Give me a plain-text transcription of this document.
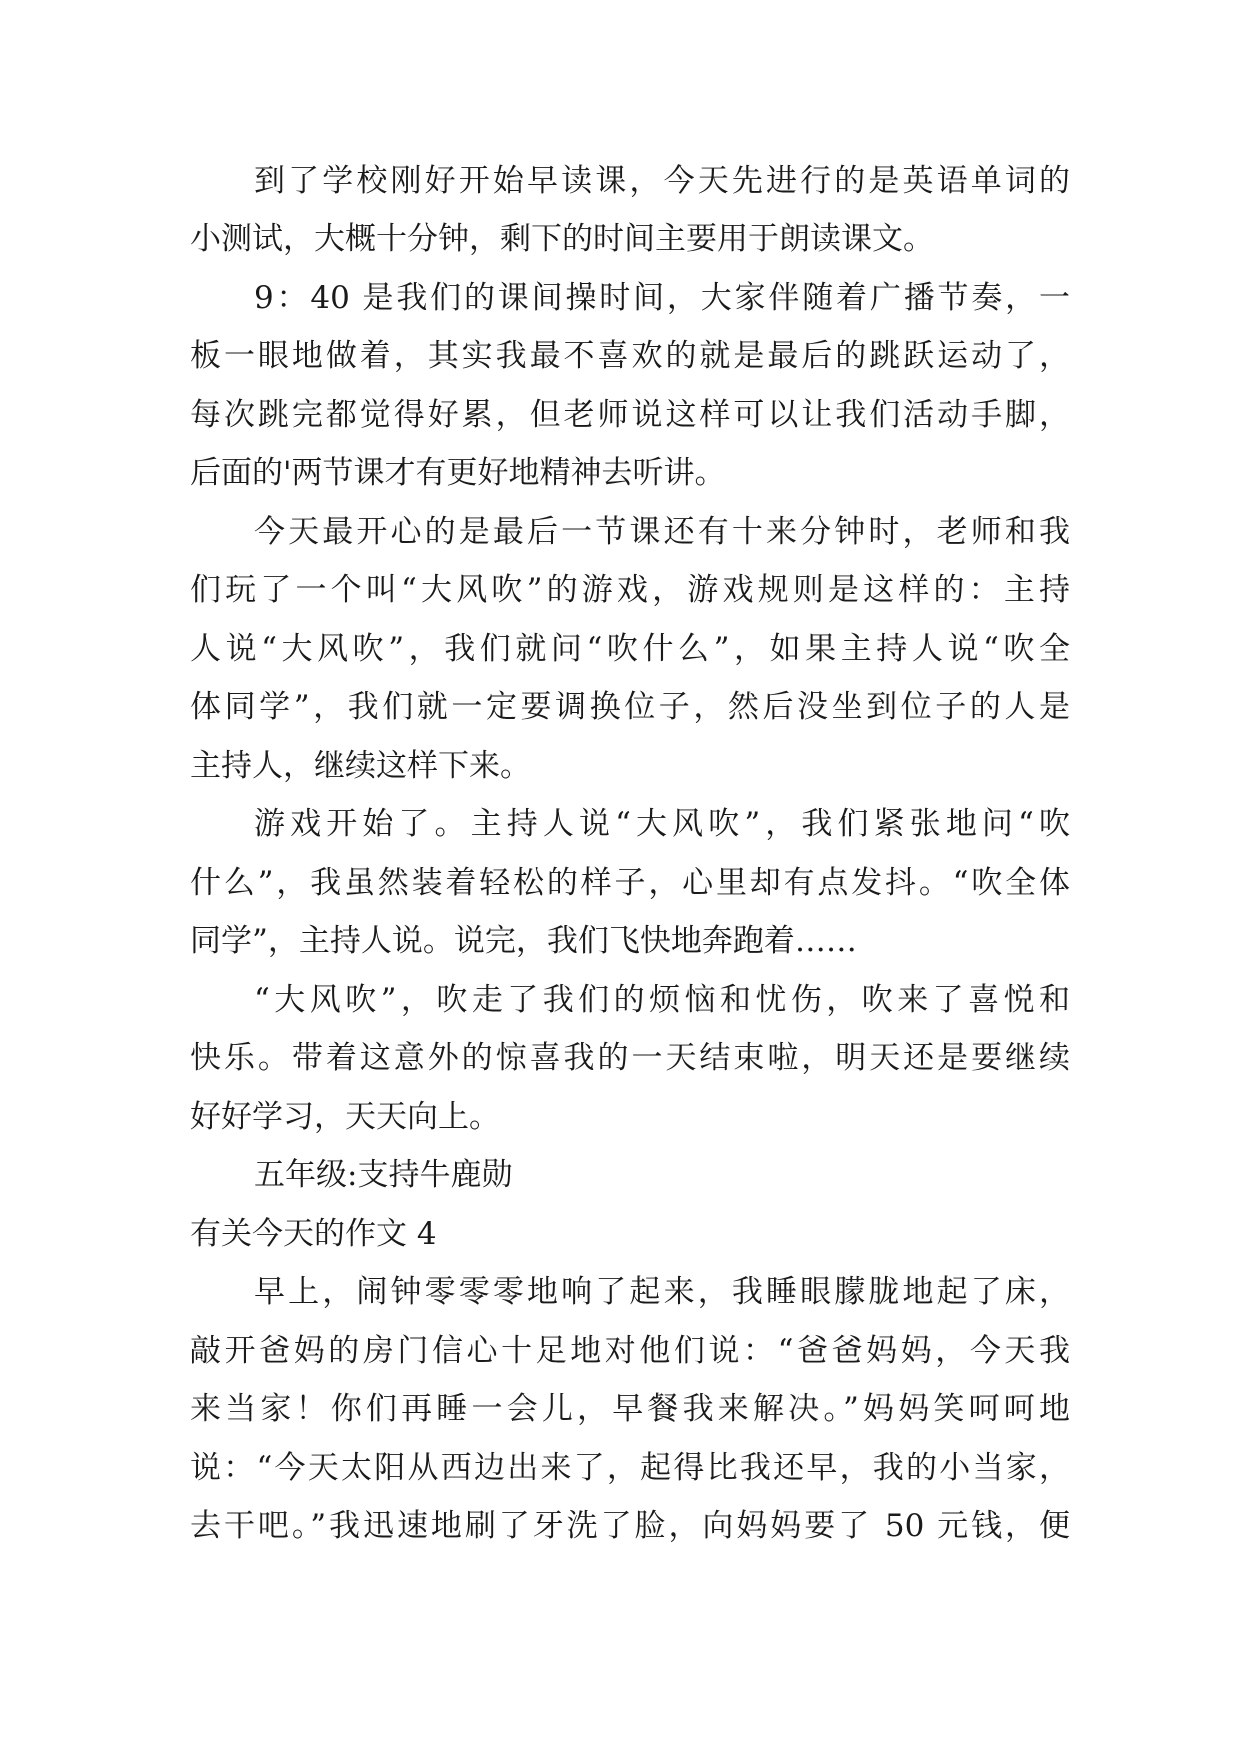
到了学校刚好开始早读课，今天先进行的是英语单词的
小测试，大概十分钟，剩下的时间主要用于朗读课文。
9：40 是我们的课间操时间，大家伴随着广播节奏，一
板一眼地做着，其实我最不喜欢的就是最后的跳跃运动了，
每次跳完都觉得好累，但老师说这样可以让我们活动手脚，
后面的'两节课才有更好地精神去听讲。
今天最开心的是最后一节课还有十来分钟时，老师和我
们玩了一个叫“大风吹”的游戏，游戏规则是这样的：主持
人说“大风吹”，我们就问“吹什么”，如果主持人说“吹全
体同学”，我们就一定要调换位子，然后没坐到位子的人是
主持人，继续这样下来。
游戏开始了。主持人说“大风吹”，我们紧张地问“吹
什么”，我虽然装着轻松的样子，心里却有点发抖。“吹全体
同学”，主持人说。说完，我们飞快地奔跑着……
“大风吹”，吹走了我们的烦恼和忧伤，吹来了喜悦和
快乐。带着这意外的惊喜我的一天结束啦，明天还是要继续
好好学习，天天向上。
五年级:支持牛鹿勋
有关今天的作文 4
早上，闹钟零零零地响了起来，我睡眼朦胧地起了床，
敲开爸妈的房门信心十足地对他们说：“爸爸妈妈，今天我
来当家！你们再睡一会儿，早餐我来解决。”妈妈笑呵呵地
说：“今天太阳从西边出来了，起得比我还早，我的小当家，
去干吧。”我迅速地刷了牙洗了脸，向妈妈要了 50 元钱，便
